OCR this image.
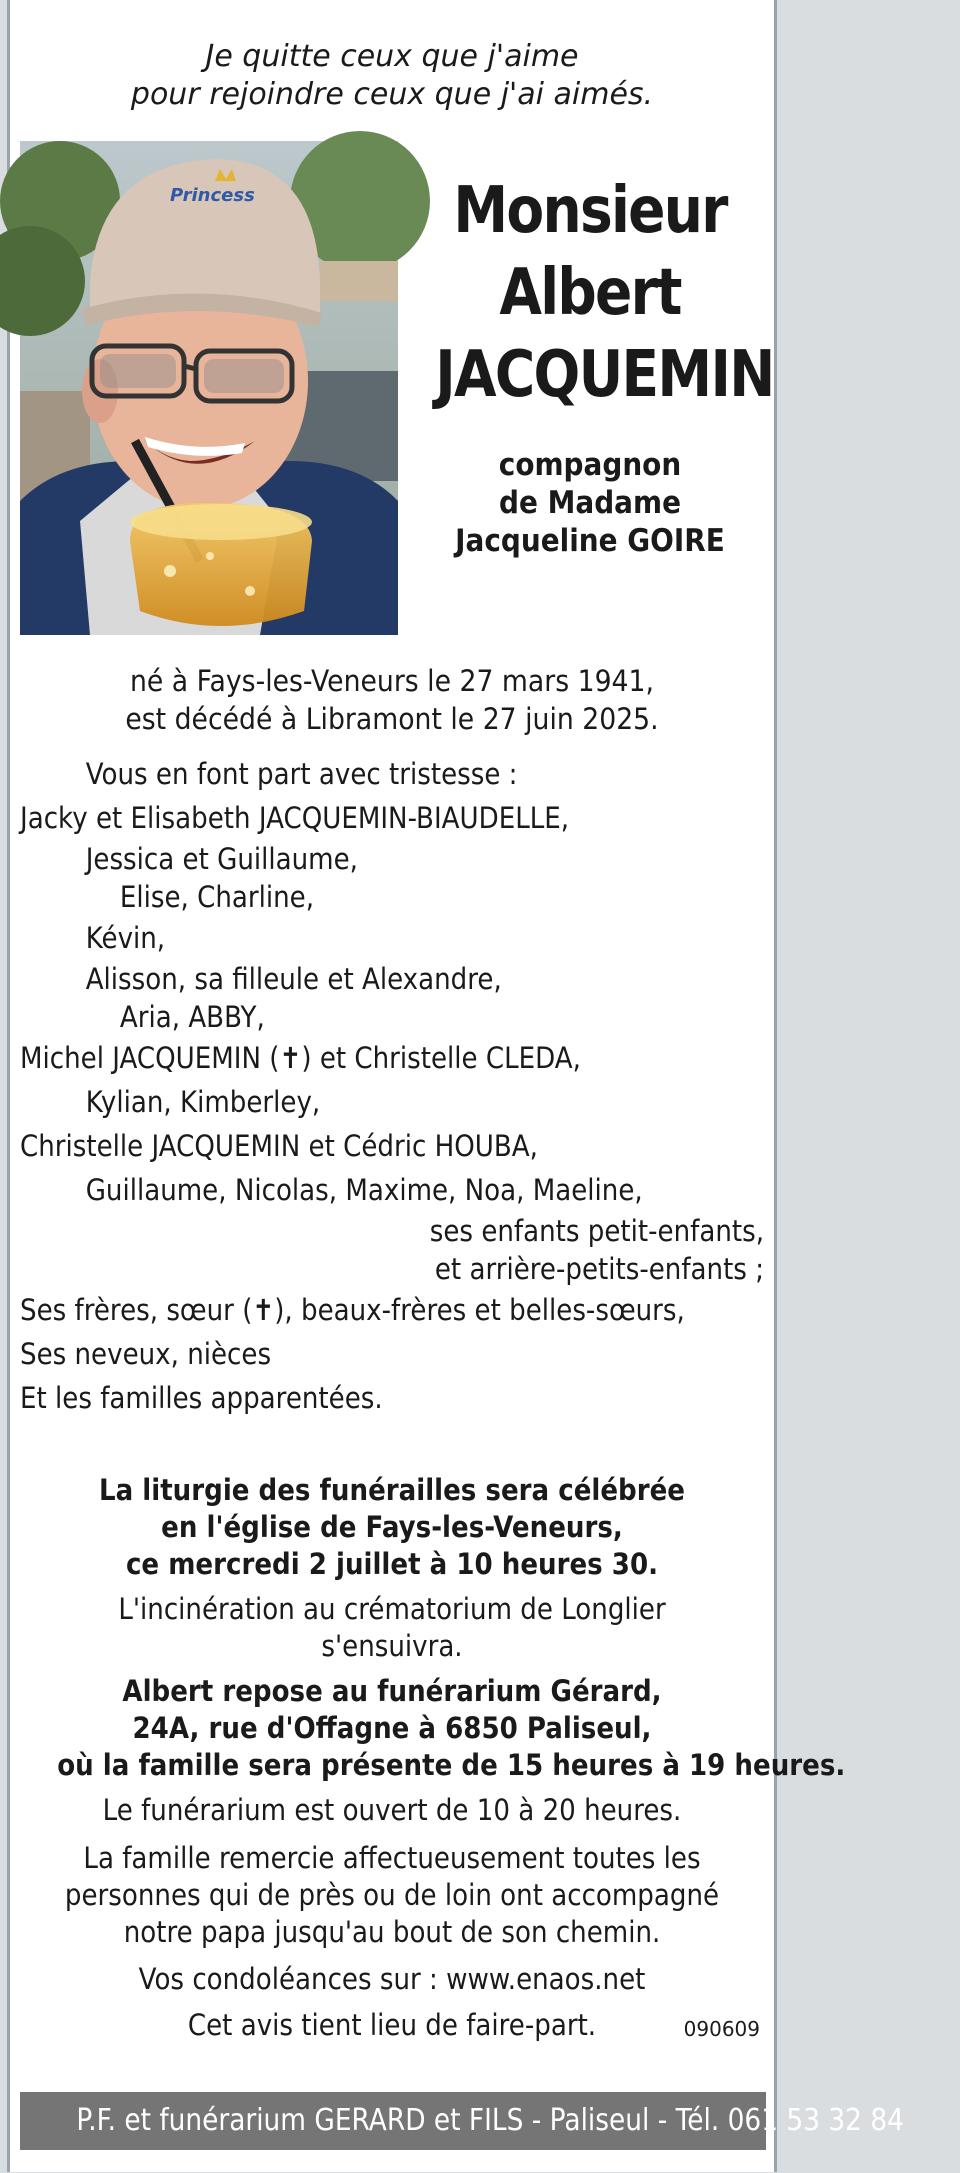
Je quitte ceux que j'aime
pour rejoindre ceux que j'ai aimés.
Princess	Monsieur
Albert
JACQUEMIN
compagnon
de Madame
Jacqueline GOIRE
né à Fays-les-Veneurs le 27 mars 1941,
est décédé à Libramont le 27 juin 2025.
Vous en font part avec tristesse :
Jacky et Elisabeth JACQUEMIN-BIAUDELLE,
Jessica et Guillaume,
Elise, Charline,
Kévin,
Alisson, sa filleule et Alexandre,
Aria, ABBY,
Michel JACQUEMIN (✝) et Christelle CLEDA,
Kylian, Kimberley,
Christelle JACQUEMIN et Cédric HOUBA,
Guillaume, Nicolas, Maxime, Noa, Maeline,
ses enfants petit-enfants,
et arrière-petits-enfants ;
Ses frères, sœur (✝), beaux-frères et belles-sœurs,
Ses neveux, nièces
Et les familles apparentées.
La liturgie des funérailles sera célébrée
en l'église de Fays-les-Veneurs,
ce mercredi 2 juillet à 10 heures 30.
L'incinération au crématorium de Longlier
s'ensuivra.
Albert repose au funérarium Gérard,
24A, rue d'Offagne à 6850 Paliseul,
où la famille sera présente de 15 heures à 19 heures.
Le funérarium est ouvert de 10 à 20 heures.
La famille remercie affectueusement toutes les
personnes qui de près ou de loin ont accompagné
notre papa jusqu'au bout de son chemin.
Vos condoléances sur : www.enaos.net
Cet avis tient lieu de faire-part.	090609
P.F. et funérarium GERARD et FILS - Paliseul - Tél. 061 53 32 84
